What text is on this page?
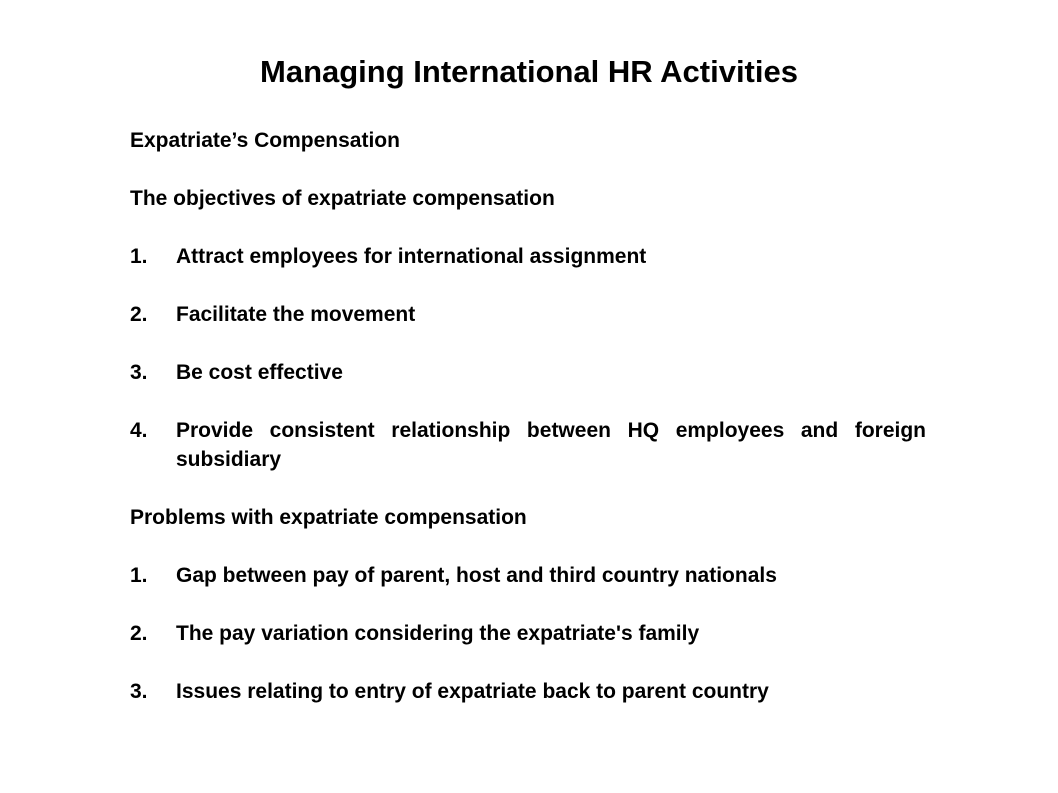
Managing International HR Activities

Expatriate’s Compensation

The objectives of expatriate compensation

1. Attract employees for international assignment
2. Facilitate the movement
3. Be cost effective
4. Provide consistent relationship between HQ employees and foreign subsidiary

Problems with expatriate compensation

1. Gap between pay of parent, host and third country nationals
2. The pay variation considering the expatriate's family
3. Issues relating to entry of expatriate back to parent country
